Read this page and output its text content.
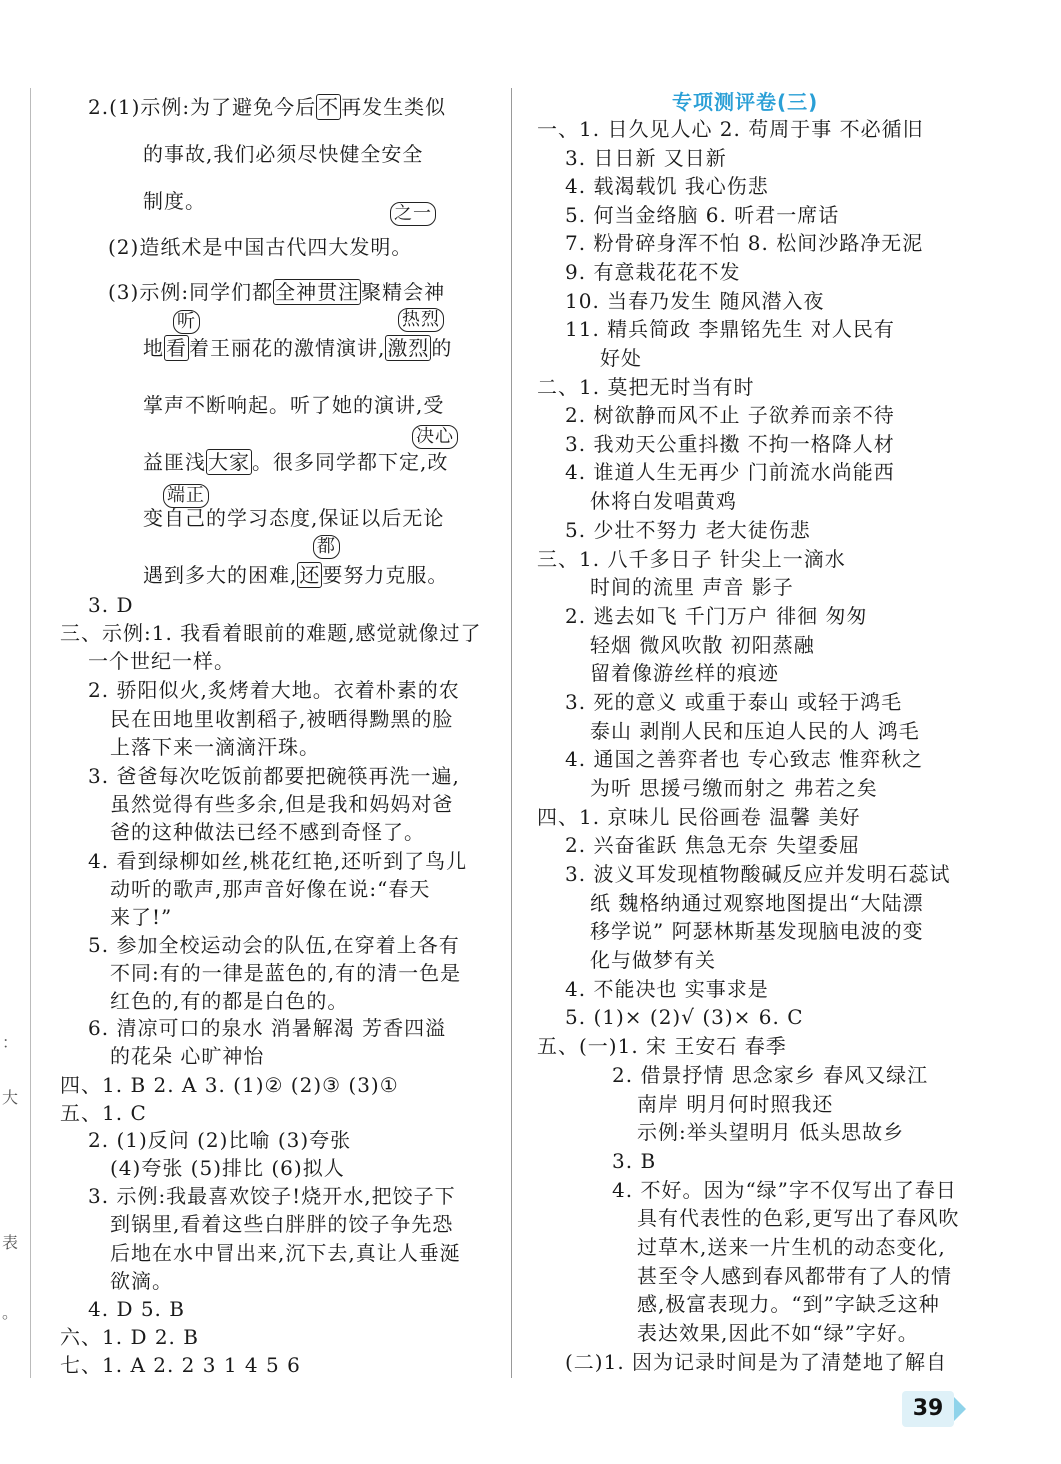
：
大
表
。
专项测评卷(三)
2.(1)示例:为了避免今后 不 再发生类似
的事故,我们必须尽快健全安全
制度。
之一
(2)造纸术是中国古代四大发明。
(3)示例:同学们都 全神贯注 聚精会神
听	热烈
地 看 着王丽花的激情演讲, 激烈 的
掌声不断响起。听了她的演讲,受
决心
益匪浅 大家 。很多同学都下定,改
端正
变自己的学习态度,保证以后无论
都
遇到多大的困难, 还 要努力克服。
3. D
三、示例:1. 我看着眼前的难题,感觉就像过了
一个世纪一样。
2. 骄阳似火,炙烤着大地。衣着朴素的农
民在田地里收割稻子,被晒得黝黑的脸
上落下来一滴滴汗珠。
3. 爸爸每次吃饭前都要把碗筷再洗一遍,
虽然觉得有些多余,但是我和妈妈对爸
爸的这种做法已经不感到奇怪了。
4. 看到绿柳如丝,桃花红艳,还听到了鸟儿
动听的歌声,那声音好像在说:“春天
来了!”
5. 参加全校运动会的队伍,在穿着上各有
不同:有的一律是蓝色的,有的清一色是
红色的,有的都是白色的。
6. 清凉可口的泉水 消暑解渴 芳香四溢
的花朵 心旷神怡
四、1. B 2. A 3. (1)② (2)③ (3)①
五、1. C
2. (1)反问 (2)比喻 (3)夸张
(4)夸张 (5)排比 (6)拟人
3. 示例:我最喜欢饺子!烧开水,把饺子下
到锅里,看着这些白胖胖的饺子争先恐
后地在水中冒出来,沉下去,真让人垂涎
欲滴。
4. D 5. B
六、1. D 2. B
七、1. A 2. 2 3 1 4 5 6
一、1. 日久见人心 2. 苟周于事 不必循旧
3. 日日新 又日新
4. 载渴载饥 我心伤悲
5. 何当金络脑 6. 听君一席话
7. 粉骨碎身浑不怕 8. 松间沙路净无泥
9. 有意栽花花不发
10. 当春乃发生 随风潜入夜
11. 精兵简政 李鼎铭先生 对人民有
好处
二、1. 莫把无时当有时
2. 树欲静而风不止 子欲养而亲不待
3. 我劝天公重抖擞 不拘一格降人材
4. 谁道人生无再少 门前流水尚能西
休将白发唱黄鸡
5. 少壮不努力 老大徒伤悲
三、1. 八千多日子 针尖上一滴水
时间的流里 声音 影子
2. 逃去如飞 千门万户 徘徊 匆匆
轻烟 微风吹散 初阳蒸融
留着像游丝样的痕迹
3. 死的意义 或重于泰山 或轻于鸿毛
泰山 剥削人民和压迫人民的人 鸿毛
4. 通国之善弈者也 专心致志 惟弈秋之
为听 思援弓缴而射之 弗若之矣
四、1. 京味儿 民俗画卷 温馨 美好
2. 兴奋雀跃 焦急无奈 失望委屈
3. 波义耳发现植物酸碱反应并发明石蕊试
纸 魏格纳通过观察地图提出“大陆漂
移学说” 阿瑟林斯基发现脑电波的变
化与做梦有关
4. 不能决也 实事求是
5. (1)× (2)√ (3)× 6. C
五、(一)1. 宋 王安石 春季
2. 借景抒情 思念家乡 春风又绿江
南岸 明月何时照我还
示例:举头望明月 低头思故乡
3. B
4. 不好。因为“绿”字不仅写出了春日
具有代表性的色彩,更写出了春风吹
过草木,送来一片生机的动态变化,
甚至令人感到春风都带有了人的情
感,极富表现力。“到”字缺乏这种
表达效果,因此不如“绿”字好。
(二)1. 因为记录时间是为了清楚地了解自
39
